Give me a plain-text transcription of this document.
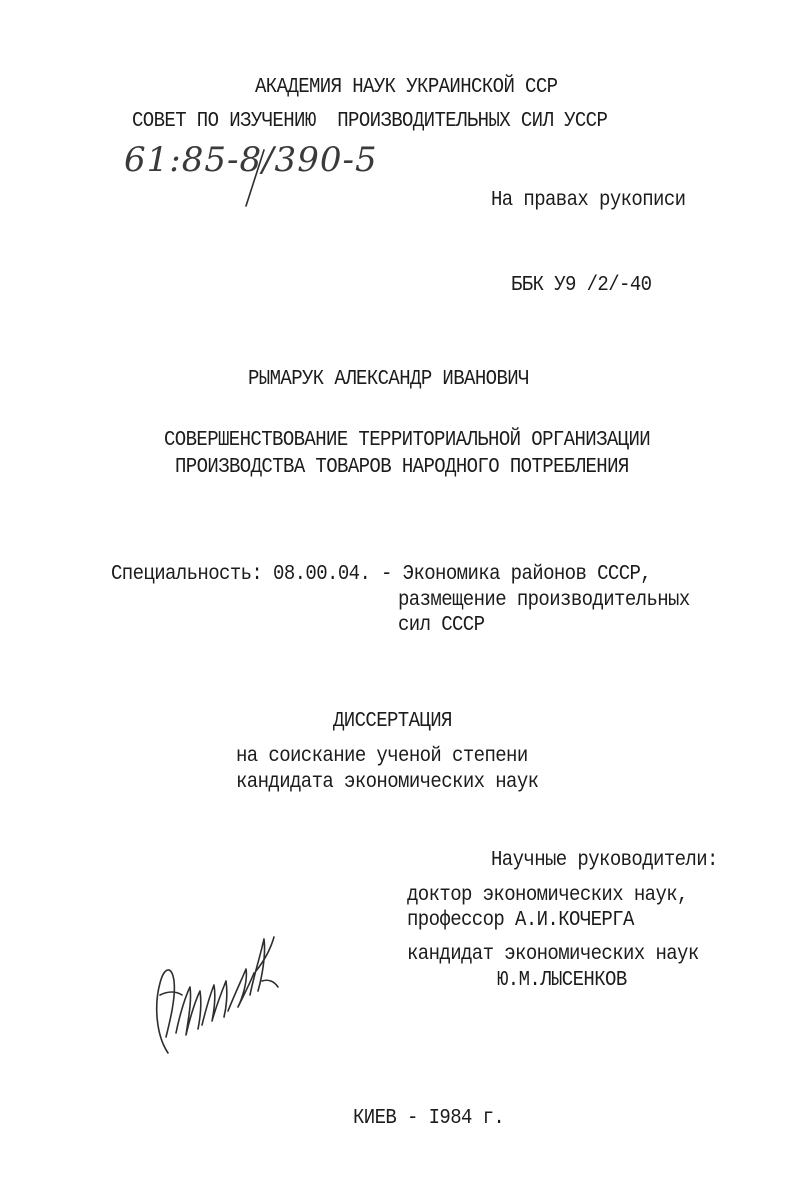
АКАДЕМИЯ НАУК УКРАИНСКОЙ ССР
СОВЕТ ПО ИЗУЧЕНИЮ  ПРОИЗВОДИТЕЛЬНЫХ СИЛ УССР
61:85-8/390-5
На правах рукописи
ББК У9 /2/-40
РЫМАРУК АЛЕКСАНДР ИВАНОВИЧ
СОВЕРШЕНСТВОВАНИЕ ТЕРРИТОРИАЛЬНОЙ ОРГАНИЗАЦИИ
ПРОИЗВОДСТВА ТОВАРОВ НАРОДНОГО ПОТРЕБЛЕНИЯ
Специальность: 08.00.04. - Экономика районов СССР,
размещение производительных
сил СССР
ДИССЕРТАЦИЯ
на соискание ученой степени
кандидата экономических наук
Научные руководители:
доктор экономических наук,
профессор А.И.КОЧЕРГА
кандидат экономических наук
Ю.М.ЛЫСЕНКОВ
КИЕВ - I984 г.
